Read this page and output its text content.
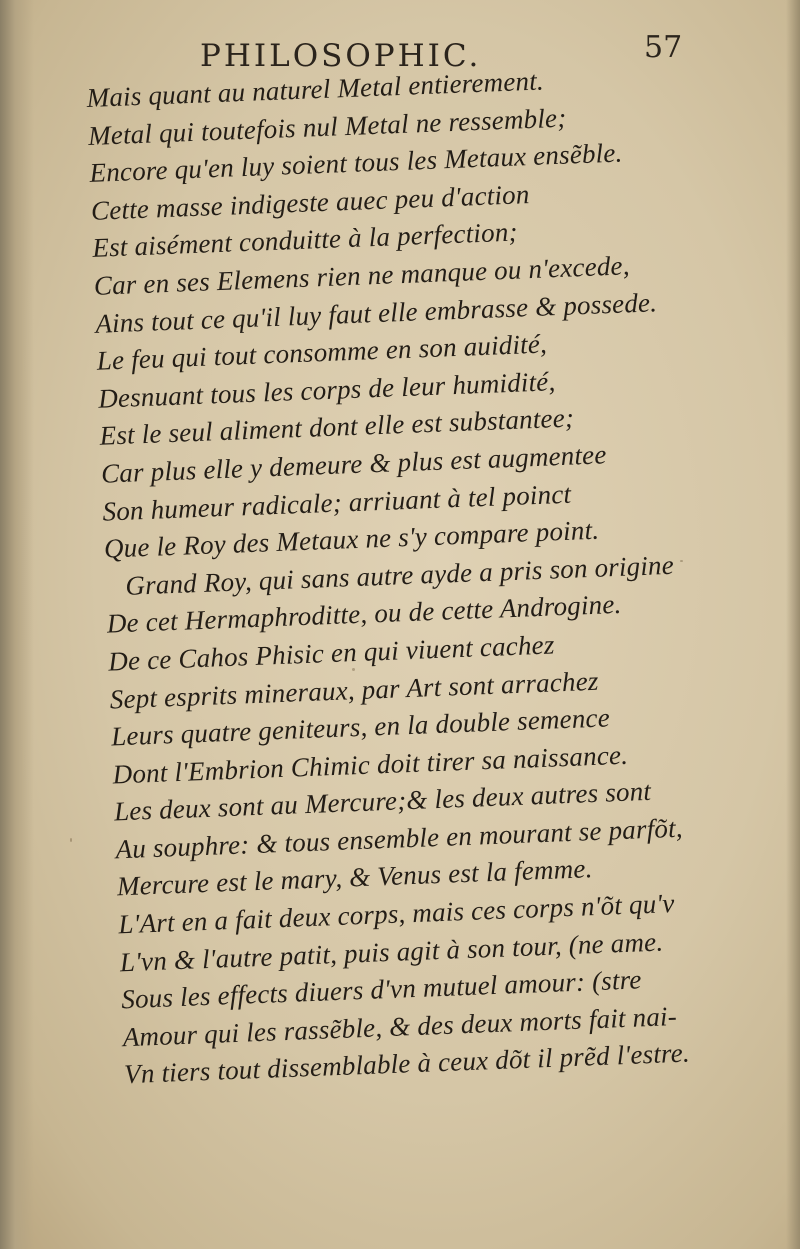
PHILOSOPHIC.	57
Mais quant au naturel Metal entierement.
Metal qui toutefois nul Metal ne ressemble;
Encore qu'en luy soient tous les Metaux ensẽble.
Cette masse indigeste auec peu d'action
Est aisément conduitte à la perfection;
Car en ses Elemens rien ne manque ou n'excede,
Ains tout ce qu'il luy faut elle embrasse & possede.
Le feu qui tout consomme en son auidité,
Desnuant tous les corps de leur humidité,
Est le seul aliment dont elle est substantee;
Car plus elle y demeure & plus est augmentee
Son humeur radicale; arriuant à tel poinct
Que le Roy des Metaux ne s'y compare point.
Grand Roy, qui sans autre ayde a pris son origine
De cet Hermaphroditte, ou de cette Androgine.
De ce Cahos Phisic en qui viuent cachez
Sept esprits mineraux, par Art sont arrachez
Leurs quatre geniteurs, en la double semence
Dont l'Embrion Chimic doit tirer sa naissance.
Les deux sont au Mercure;& les deux autres sont
Au souphre: & tous ensemble en mourant se parfõt,
Mercure est le mary, & Venus est la femme.
L'Art en a fait deux corps, mais ces corps n'õt qu'v
L'vn & l'autre patit, puis agit à son tour, (ne ame.
Sous les effects diuers d'vn mutuel amour: (stre
Amour qui les rassẽble, & des deux morts fait nai-
Vn tiers tout dissemblable à ceux dõt il prẽd l'estre.
